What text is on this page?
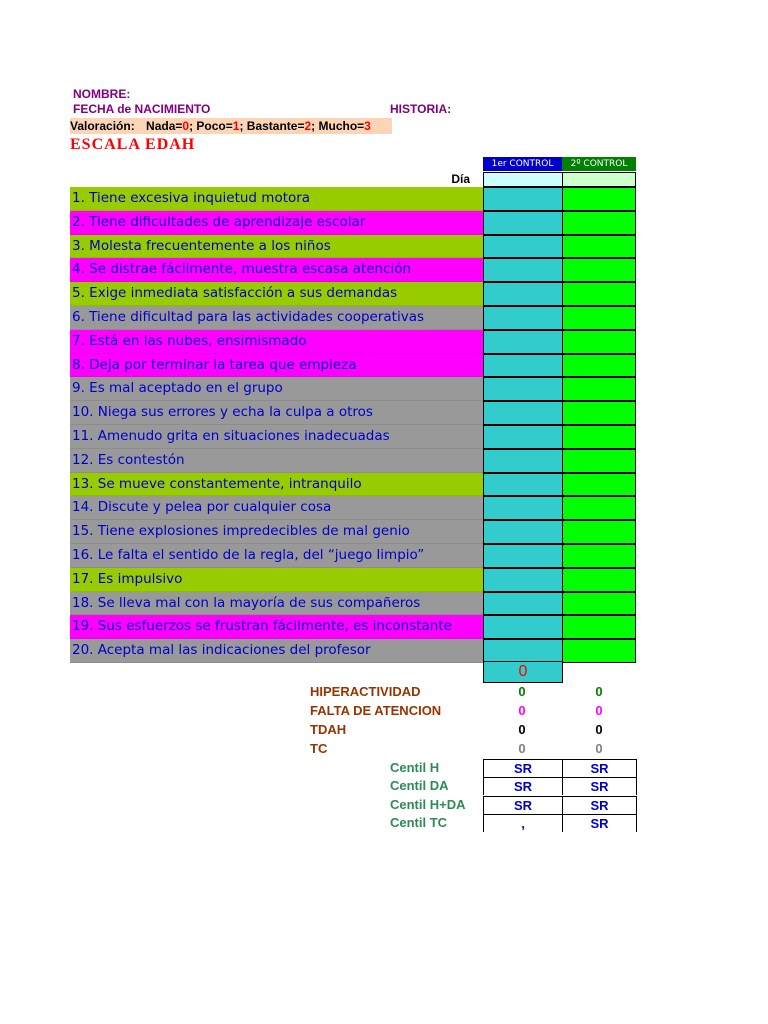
NOMBRE:
FECHA de NACIMIENTO	HISTORIA:
Valoración: Nada=0; Poco=1; Bastante=2; Mucho=3
ESCALA EDAH
1er CONTROL	2º CONTROL
Día
1. Tiene excesiva inquietud motora
2. Tiene dificultades de aprendizaje escolar
3. Molesta frecuentemente a los niños
4. Se distrae fácilmente, muestra escasa atención
5. Exige inmediata satisfacción a sus demandas
6. Tiene dificultad para las actividades cooperativas
7. Está en las nubes, ensimismado
8. Deja por terminar la tarea que empieza
9. Es mal aceptado en el grupo
10. Niega sus errores y echa la culpa a otros
11. Amenudo grita en situaciones inadecuadas
12. Es contestón
13. Se mueve constantemente, intranquilo
14. Discute y pelea por cualquier cosa
15. Tiene explosiones impredecibles de mal genio
16. Le falta el sentido de la regla, del “juego limpio”
17. Es impulsivo
18. Se lleva mal con la mayoría de sus compañeros
19. Sus esfuerzos se frustran fácilmente, es inconstante
20. Acepta mal las indicaciones del profesor
0
HIPERACTIVIDAD	0	0
FALTA DE ATENCION	0	0
TDAH	0	0
TC	0	0
Centil H	SR	SR
Centil DA	SR	SR
Centil H+DA	SR	SR
Centil TC	,	SR
